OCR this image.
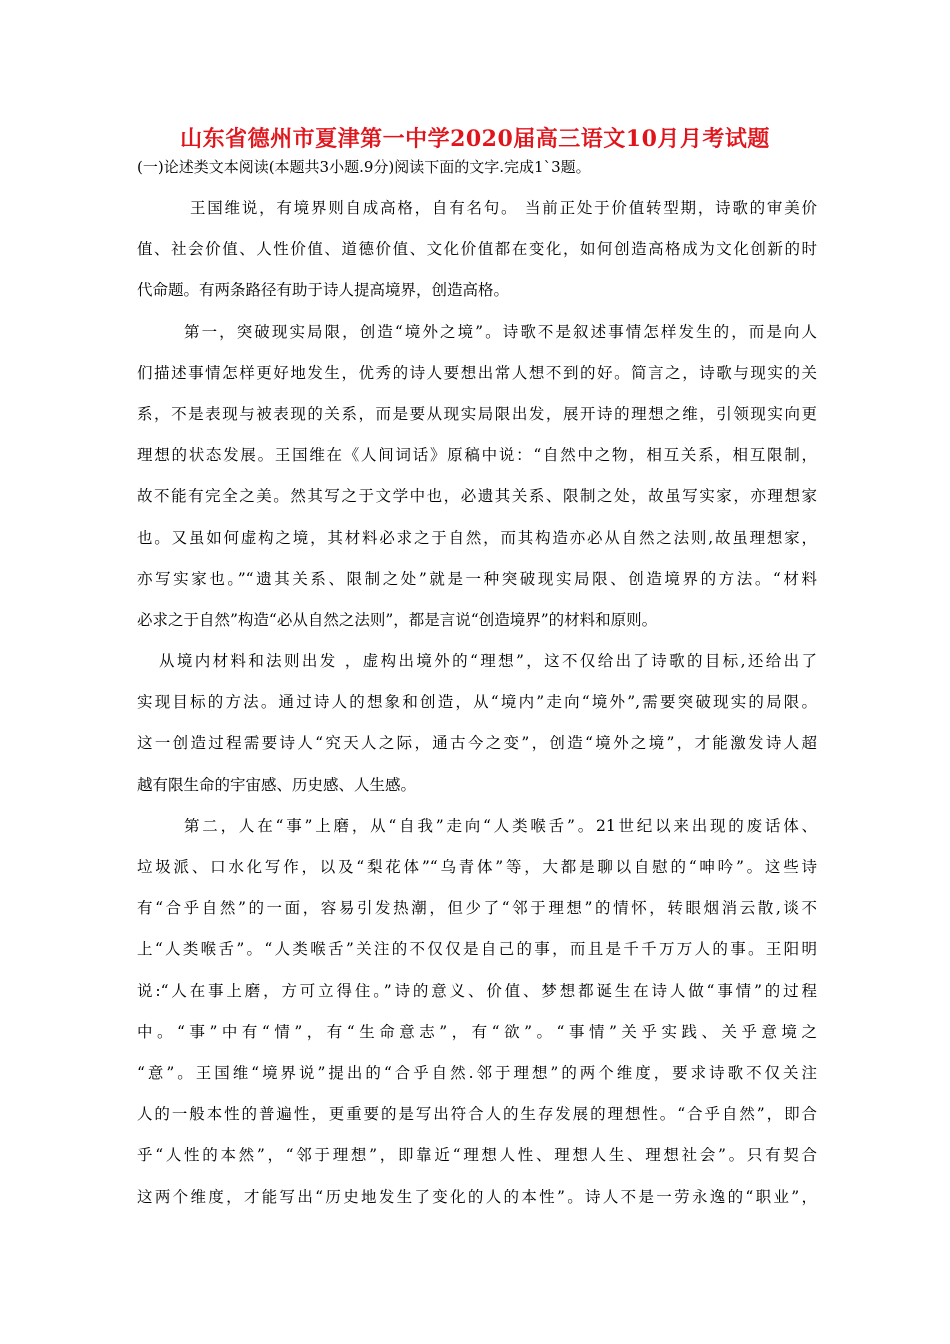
山东省德州市夏津第一中学2020届高三语文10月月考试题
(一)论述类文本阅读(本题共3小题.9分)阅读下面的文字.完成1`3题。
王国维说，有境界则自成高格，自有名句。 当前正处于价值转型期，诗歌的审美价
值、社会价值、人性价值、道德价值、文化价值都在变化，如何创造高格成为文化创新的时
代命题。有两条路径有助于诗人提高境界，创造高格。
第一，突破现实局限，创造“境外之境”。诗歌不是叙述事情怎样发生的，而是向人
们描述事情怎样更好地发生，优秀的诗人要想出常人想不到的好。简言之，诗歌与现实的关
系，不是表现与被表现的关系，而是要从现实局限出发，展开诗的理想之维，引领现实向更
理想的状态发展。王国维在《人间词话》原稿中说：“自然中之物，相互关系，相互限制，
故不能有完全之美。然其写之于文学中也，必遗其关系、限制之处，故虽写实家，亦理想家
也。又虽如何虚构之境，其材料必求之于自然，而其构造亦必从自然之法则,故虽理想家，
亦写实家也。”“遗其关系、限制之处”就是一种突破现实局限、创造境界的方法。“材料
必求之于自然”构造“必从自然之法则”，都是言说“创造境界”的材料和原则。
从境内材料和法则出发 ，虚构出境外的“理想”，这不仅给出了诗歌的目标,还给出了
实现目标的方法。通过诗人的想象和创造，从“境内”走向“境外”,需要突破现实的局限。
这一创造过程需要诗人“究天人之际，通古今之变”，创造“境外之境”，才能激发诗人超
越有限生命的宇宙感、历史感、人生感。
第二，人在“事”上磨，从“自我”走向“人类喉舌”。21世纪以来出现的废话体、
垃圾派、口水化写作，以及“梨花体”“乌青体”等，大都是聊以自慰的“呻吟”。这些诗
有“合乎自然”的一面，容易引发热潮，但少了“邻于理想”的情怀，转眼烟消云散,谈不
上“人类喉舌”。“人类喉舌”关注的不仅仅是自己的事，而且是千千万万人的事。王阳明
说:“人在事上磨，方可立得住。”诗的意义、价值、梦想都诞生在诗人做“事情”的过程
中。“事”中有“情”，有“生命意志”，有“欲”。“事情”关乎实践、关乎意境之
“意”。王国维“境界说”提出的“合乎自然.邻于理想”的两个维度，要求诗歌不仅关注
人的一般本性的普遍性，更重要的是写出符合人的生存发展的理想性。“合乎自然”，即合
乎“人性的本然”，“邻于理想”，即靠近“理想人性、理想人生、理想社会”。只有契合
这两个维度，才能写出“历史地发生了变化的人的本性”。诗人不是一劳永逸的“职业”，
